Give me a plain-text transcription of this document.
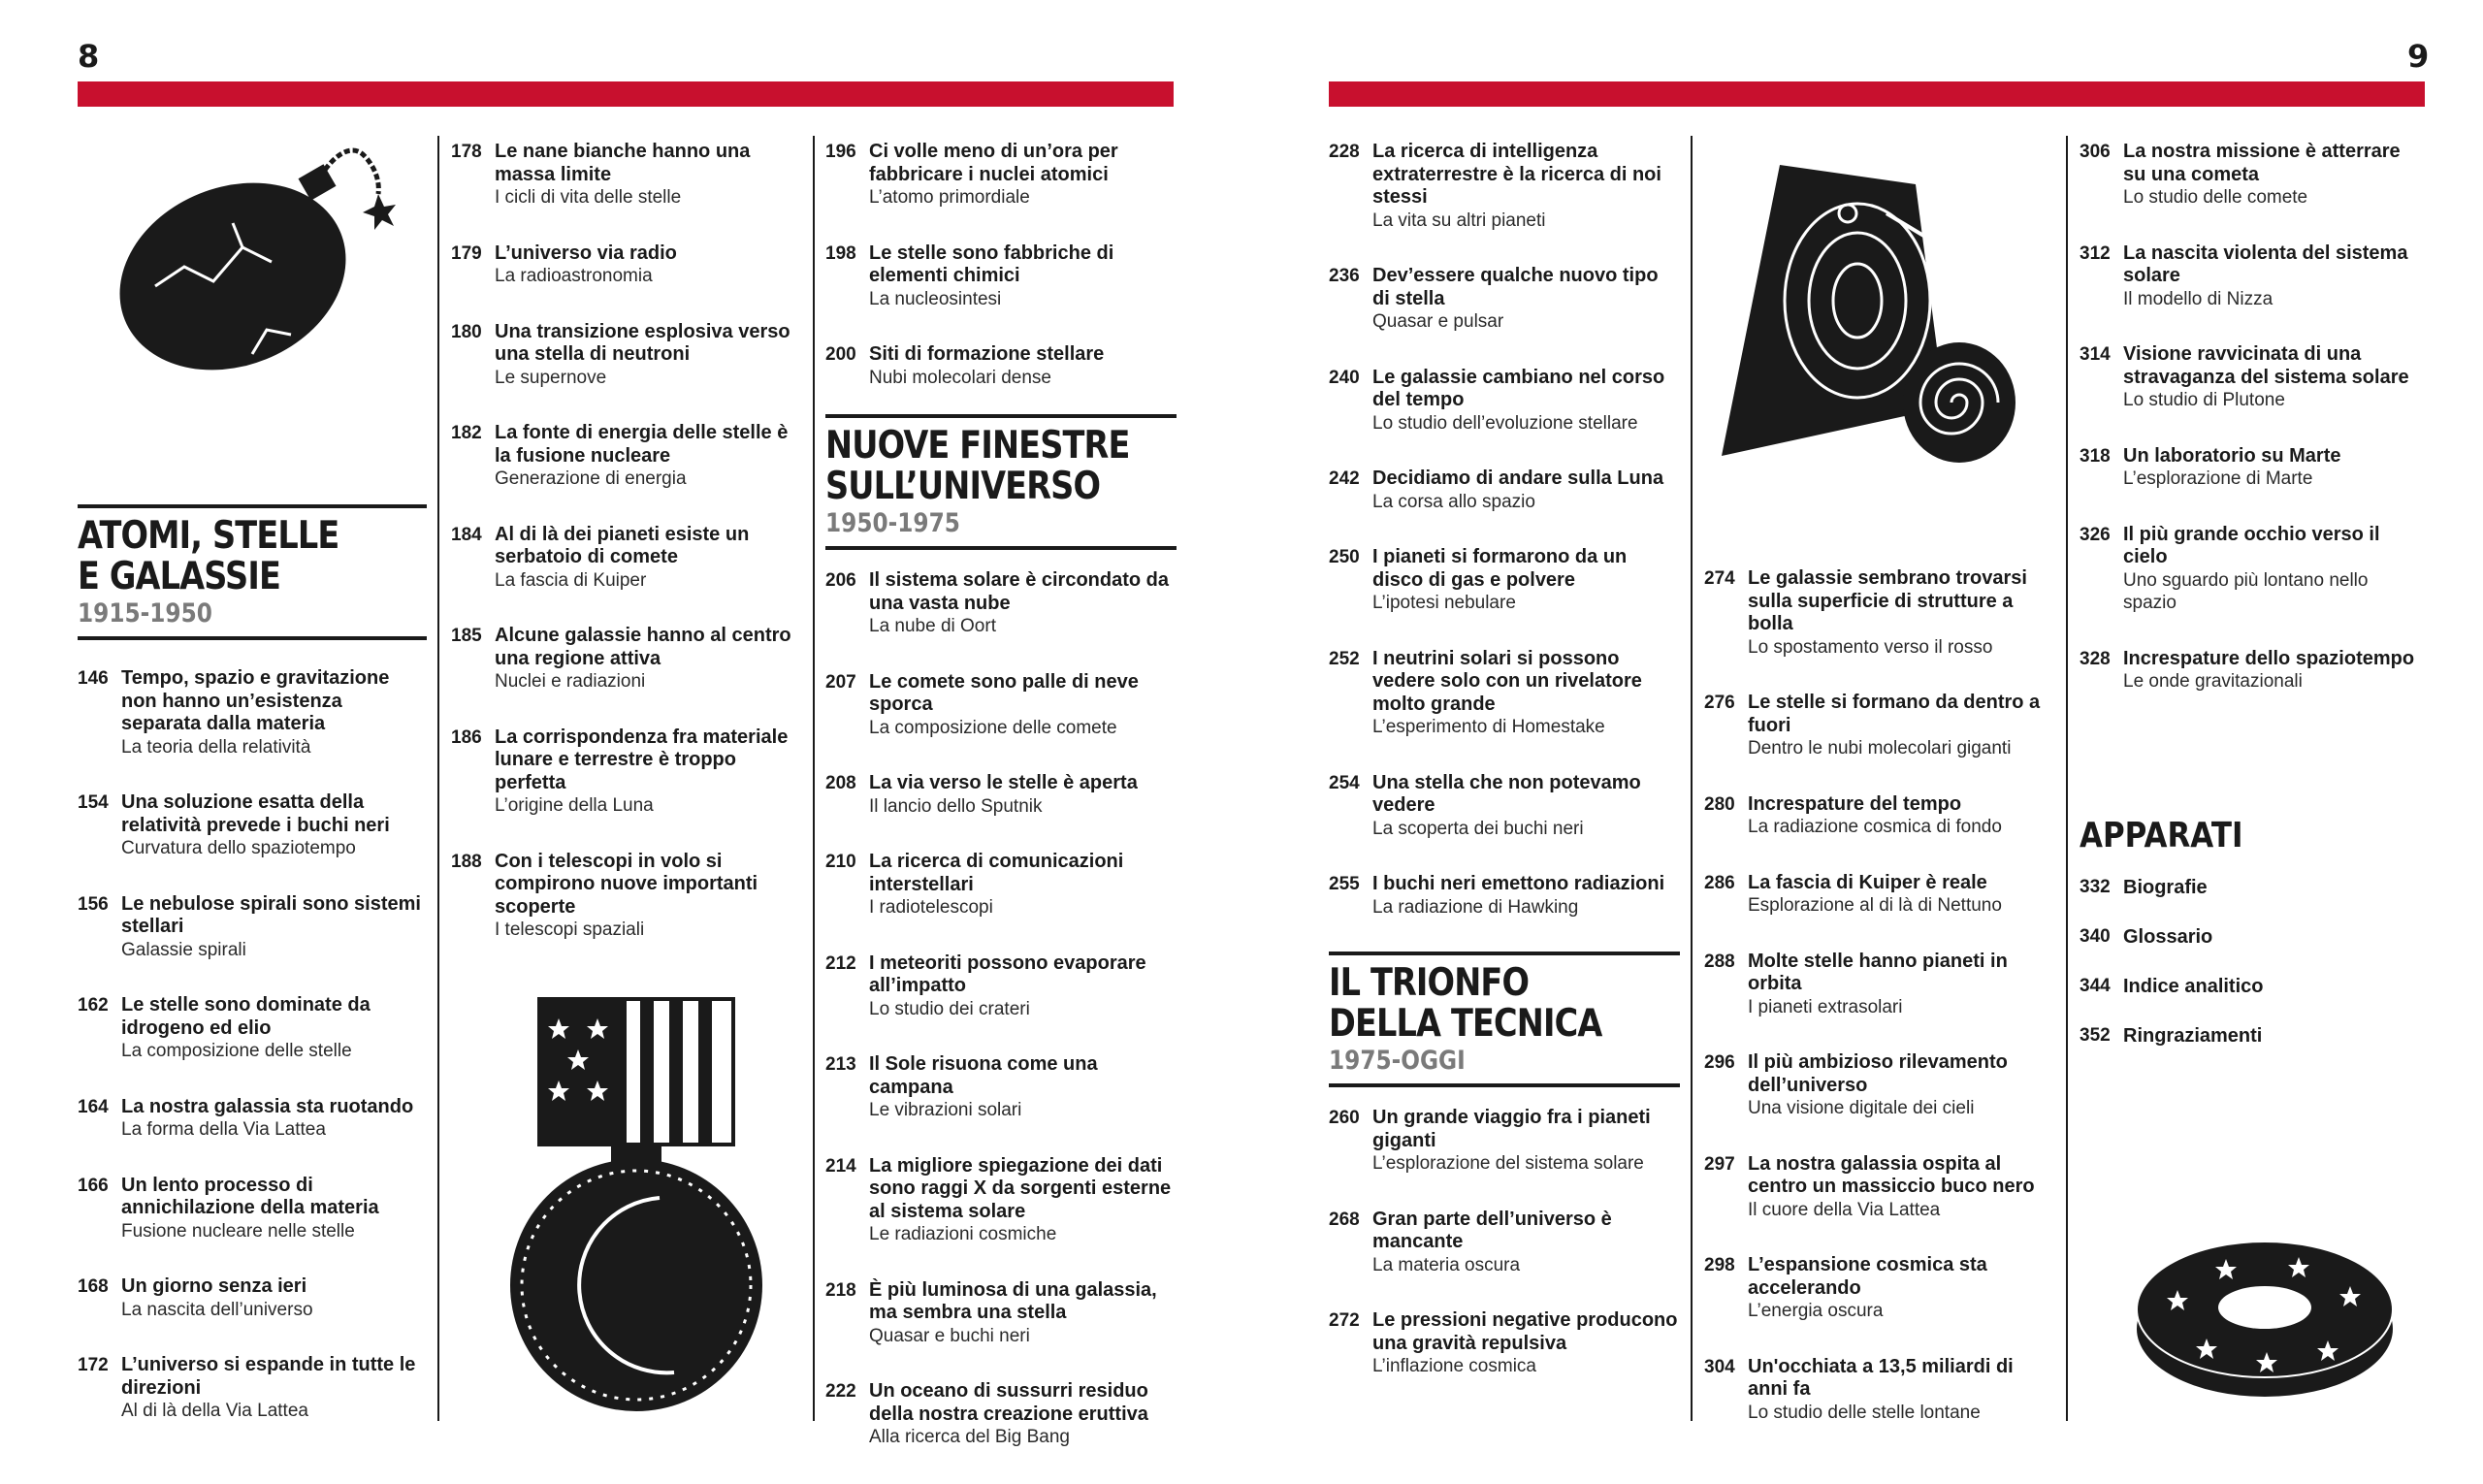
8	9
ATOMI, STELLE
E GALASSIE
1915-1950
146 Tempo, spazio e gravitazione non hanno un’esistenza separata dalla materia
La teoria della relatività
154 Una soluzione esatta della relatività prevede i buchi neri
Curvatura dello spaziotempo
156 Le nebulose spirali sono sistemi stellari
Galassie spirali
162 Le stelle sono dominate da idrogeno ed elio
La composizione delle stelle
164 La nostra galassia sta ruotando
La forma della Via Lattea
166 Un lento processo di annichilazione della materia
Fusione nucleare nelle stelle
168 Un giorno senza ieri
La nascita dell’universo
172 L’universo si espande in tutte le direzioni
Al di là della Via Lattea
178 Le nane bianche hanno una massa limite
I cicli di vita delle stelle
179 L’universo via radio
La radioastronomia
180 Una transizione esplosiva verso una stella di neutroni
Le supernove
182 La fonte di energia delle stelle è la fusione nucleare
Generazione di energia
184 Al di là dei pianeti esiste un serbatoio di comete
La fascia di Kuiper
185 Alcune galassie hanno al centro una regione attiva
Nuclei e radiazioni
186 La corrispondenza fra materiale lunare e terrestre è troppo perfetta
L’origine della Luna
188 Con i telescopi in volo si compirono nuove importanti scoperte
I telescopi spaziali
196 Ci volle meno di un’ora per fabbricare i nuclei atomici
L’atomo primordiale
198 Le stelle sono fabbriche di elementi chimici
La nucleosintesi
200 Siti di formazione stellare
Nubi molecolari dense
NUOVE FINESTRE
SULL’UNIVERSO
1950-1975
206 Il sistema solare è circondato da una vasta nube
La nube di Oort
207 Le comete sono palle di neve sporca
La composizione delle comete
208 La via verso le stelle è aperta
Il lancio dello Sputnik
210 La ricerca di comunicazioni interstellari
I radiotelescopi
212 I meteoriti possono evaporare all’impatto
Lo studio dei crateri
213 Il Sole risuona come una campana
Le vibrazioni solari
214 La migliore spiegazione dei dati sono raggi X da sorgenti esterne al sistema solare
Le radiazioni cosmiche
218 È più luminosa di una galassia, ma sembra una stella
Quasar e buchi neri
222 Un oceano di sussurri residuo della nostra creazione eruttiva
Alla ricerca del Big Bang
228 La ricerca di intelligenza extraterrestre è la ricerca di noi stessi
La vita su altri pianeti
236 Dev’essere qualche nuovo tipo di stella
Quasar e pulsar
240 Le galassie cambiano nel corso del tempo
Lo studio dell’evoluzione stellare
242 Decidiamo di andare sulla Luna
La corsa allo spazio
250 I pianeti si formarono da un disco di gas e polvere
L’ipotesi nebulare
252 I neutrini solari si possono vedere solo con un rivelatore molto grande
L’esperimento di Homestake
254 Una stella che non potevamo vedere
La scoperta dei buchi neri
255 I buchi neri emettono radiazioni
La radiazione di Hawking
IL TRIONFO
DELLA TECNICA
1975-OGGI
260 Un grande viaggio fra i pianeti giganti
L’esplorazione del sistema solare
268 Gran parte dell’universo è mancante
La materia oscura
272 Le pressioni negative producono una gravità repulsiva
L’inflazione cosmica
274 Le galassie sembrano trovarsi sulla superficie di strutture a bolla
Lo spostamento verso il rosso
276 Le stelle si formano da dentro a fuori
Dentro le nubi molecolari giganti
280 Increspature del tempo
La radiazione cosmica di fondo
286 La fascia di Kuiper è reale
Esplorazione al di là di Nettuno
288 Molte stelle hanno pianeti in orbita
I pianeti extrasolari
296 Il più ambizioso rilevamento dell’universo
Una visione digitale dei cieli
297 La nostra galassia ospita al centro un massiccio buco nero
Il cuore della Via Lattea
298 L’espansione cosmica sta accelerando
L’energia oscura
304 Un'occhiata a 13,5 miliardi di anni fa
Lo studio delle stelle lontane
306 La nostra missione è atterrare su una cometa
Lo studio delle comete
312 La nascita violenta del sistema solare
Il modello di Nizza
314 Visione ravvicinata di una stravaganza del sistema solare
Lo studio di Plutone
318 Un laboratorio su Marte
L’esplorazione di Marte
326 Il più grande occhio verso il cielo
Uno sguardo più lontano nello spazio
328 Increspature dello spaziotempo
Le onde gravitazionali
APPARATI
332 Biografie
340 Glossario
344 Indice analitico
352 Ringraziamenti
